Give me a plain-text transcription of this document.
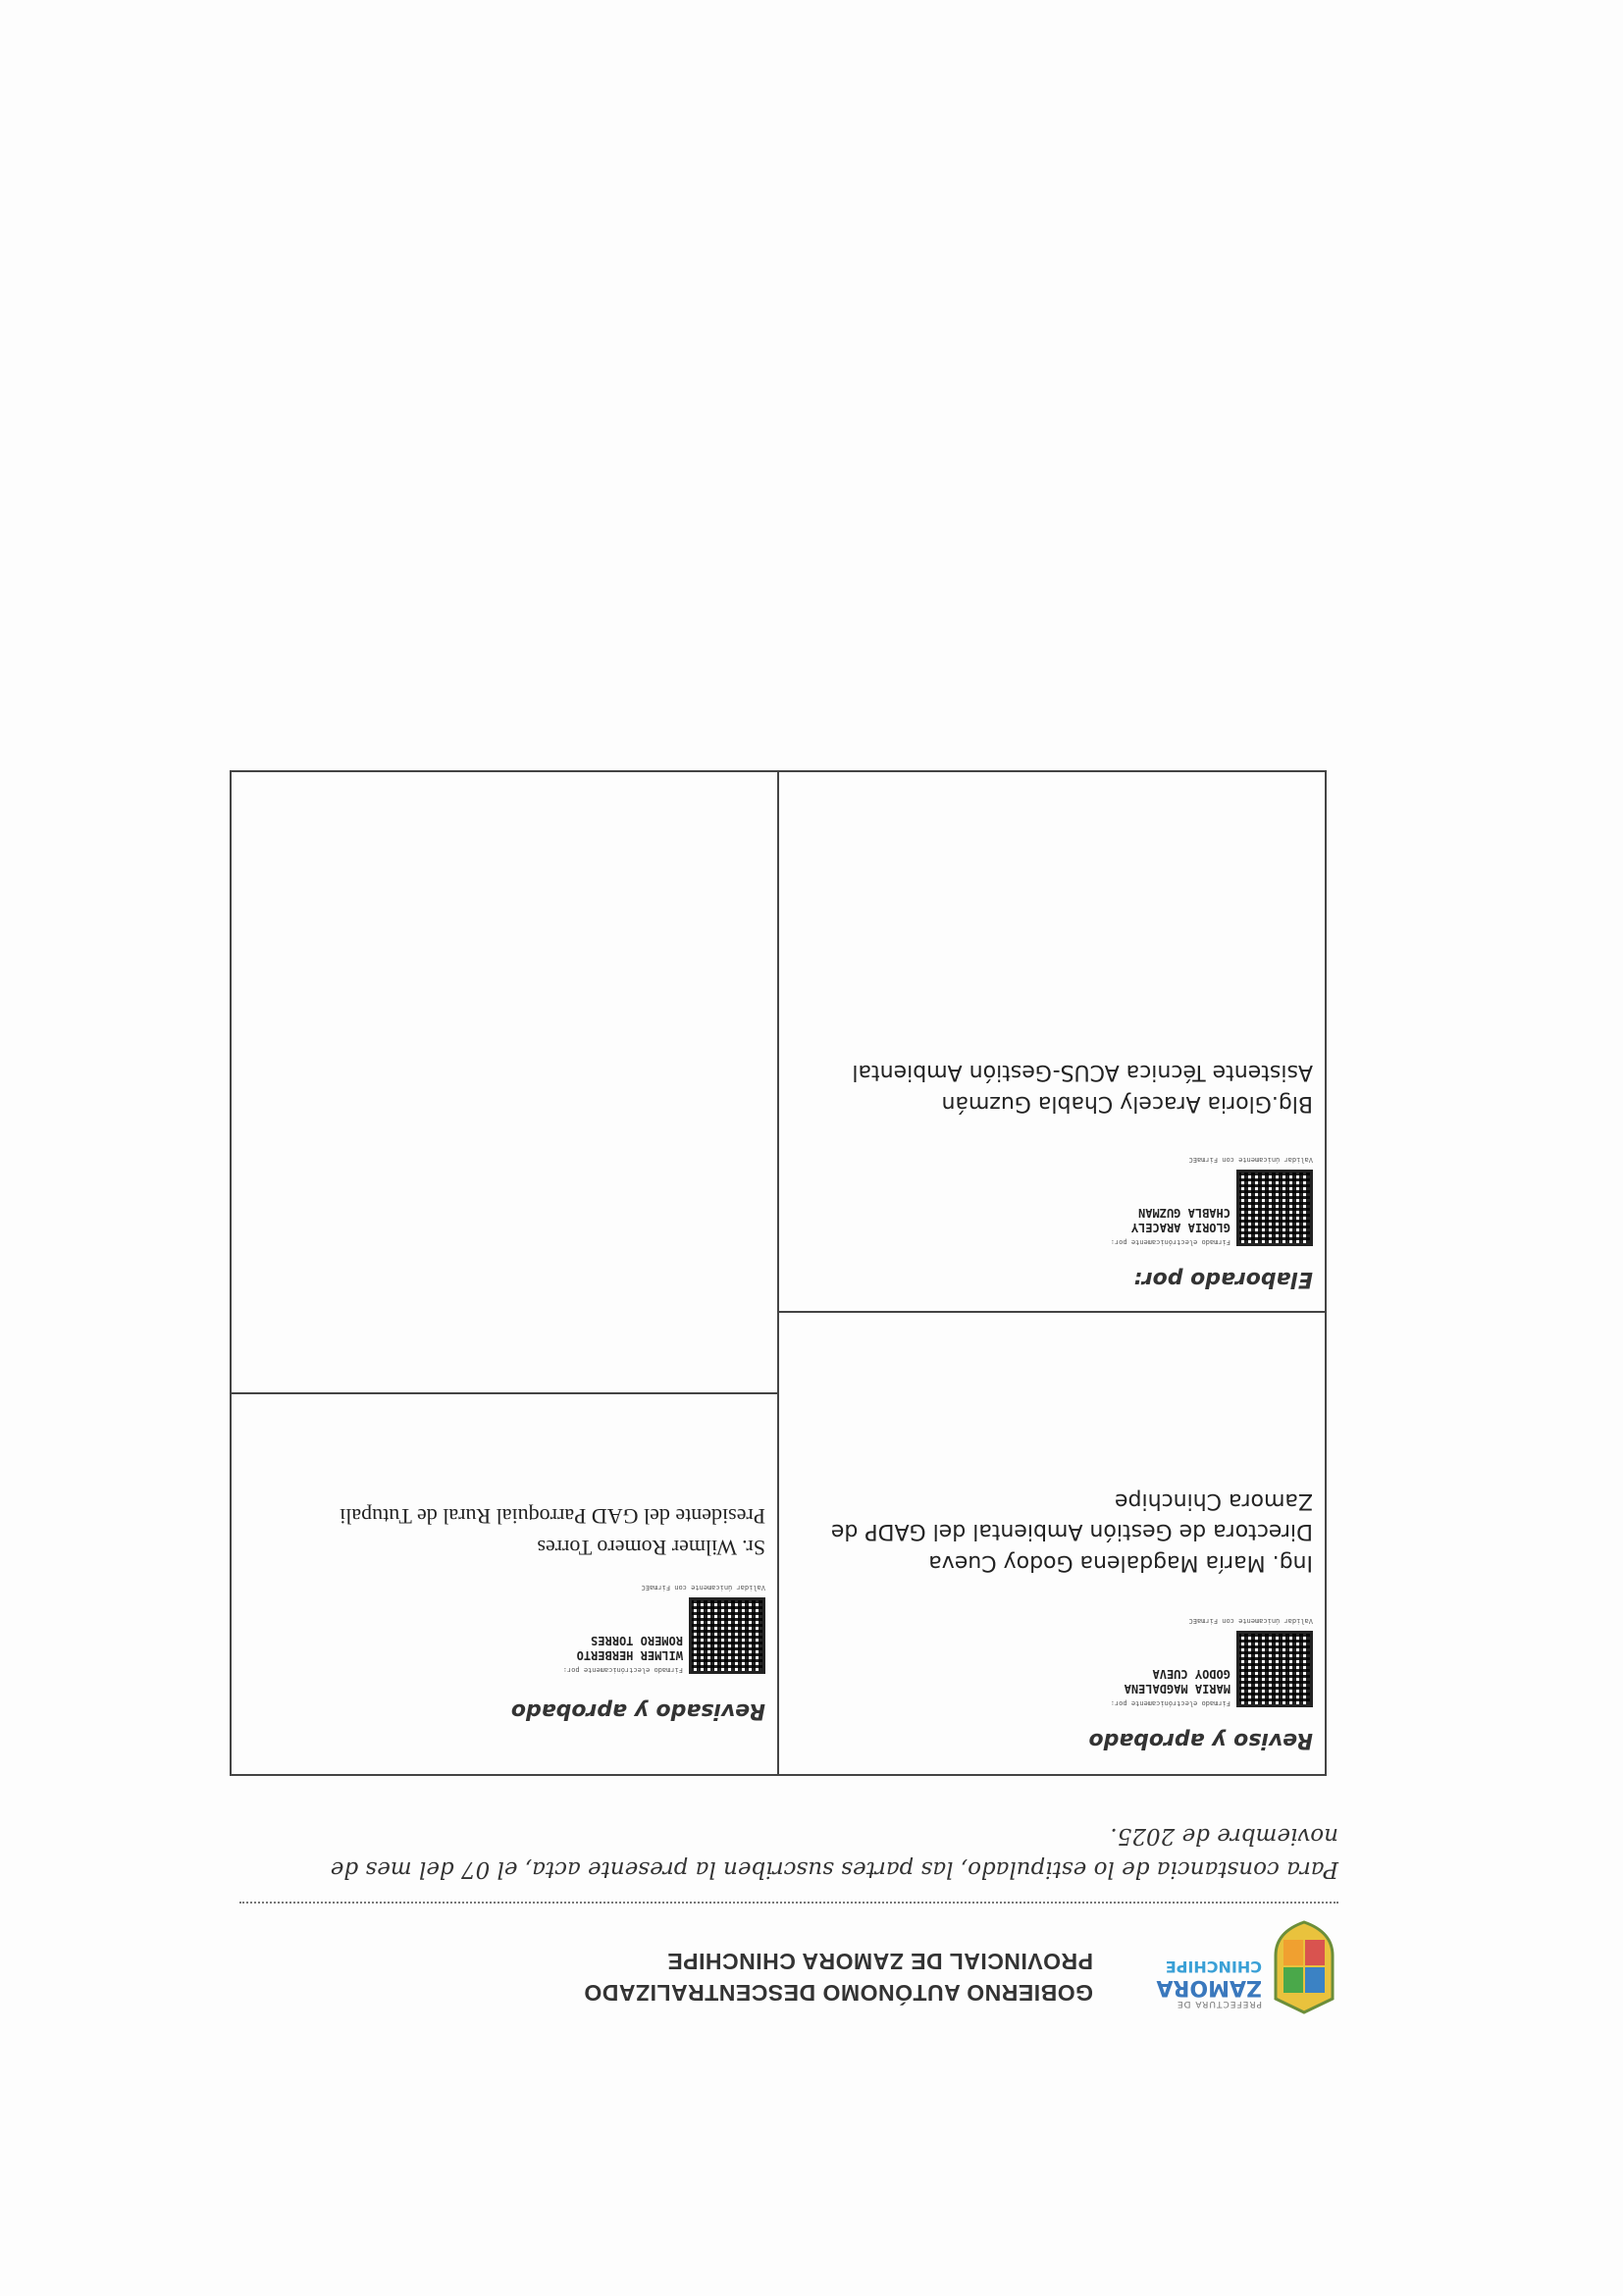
PREFECTURA DE
ZAMORA
CHINCHIPE
GOBIERNO AUTÓNOMO DESCENTRALIZADO
PROVINCIAL DE ZAMORA CHINCHIPE
Para constancia de lo estipulado, las partes suscriben la presente acta, el 07 del mes de noviembre de 2025.
Reviso y aprobado
Firmado electrónicamente por:
MARIA MAGDALENA GODOY CUEVA
Validar únicamente con FirmaEC
Ing. María Magdalena Godoy Cueva
Directora de Gestión Ambiental del GADP de Zamora Chinchipe
Revisado y aprobado
Firmado electrónicamente por:
WILMER HERBERTO ROMERO TORRES
Validar únicamente con FirmaEC
Sr. Wilmer Romero Torres
Presidente del GAD Parroquial Rural de Tutupali
Elaborado por:
Firmado electrónicamente por:
GLORIA ARACELY CHABLA GUZMAN
Validar únicamente con FirmaEC
Blg.Gloria Aracely Chabla Guzmán
Asistente Técnica ACUS-Gestión Ambiental
